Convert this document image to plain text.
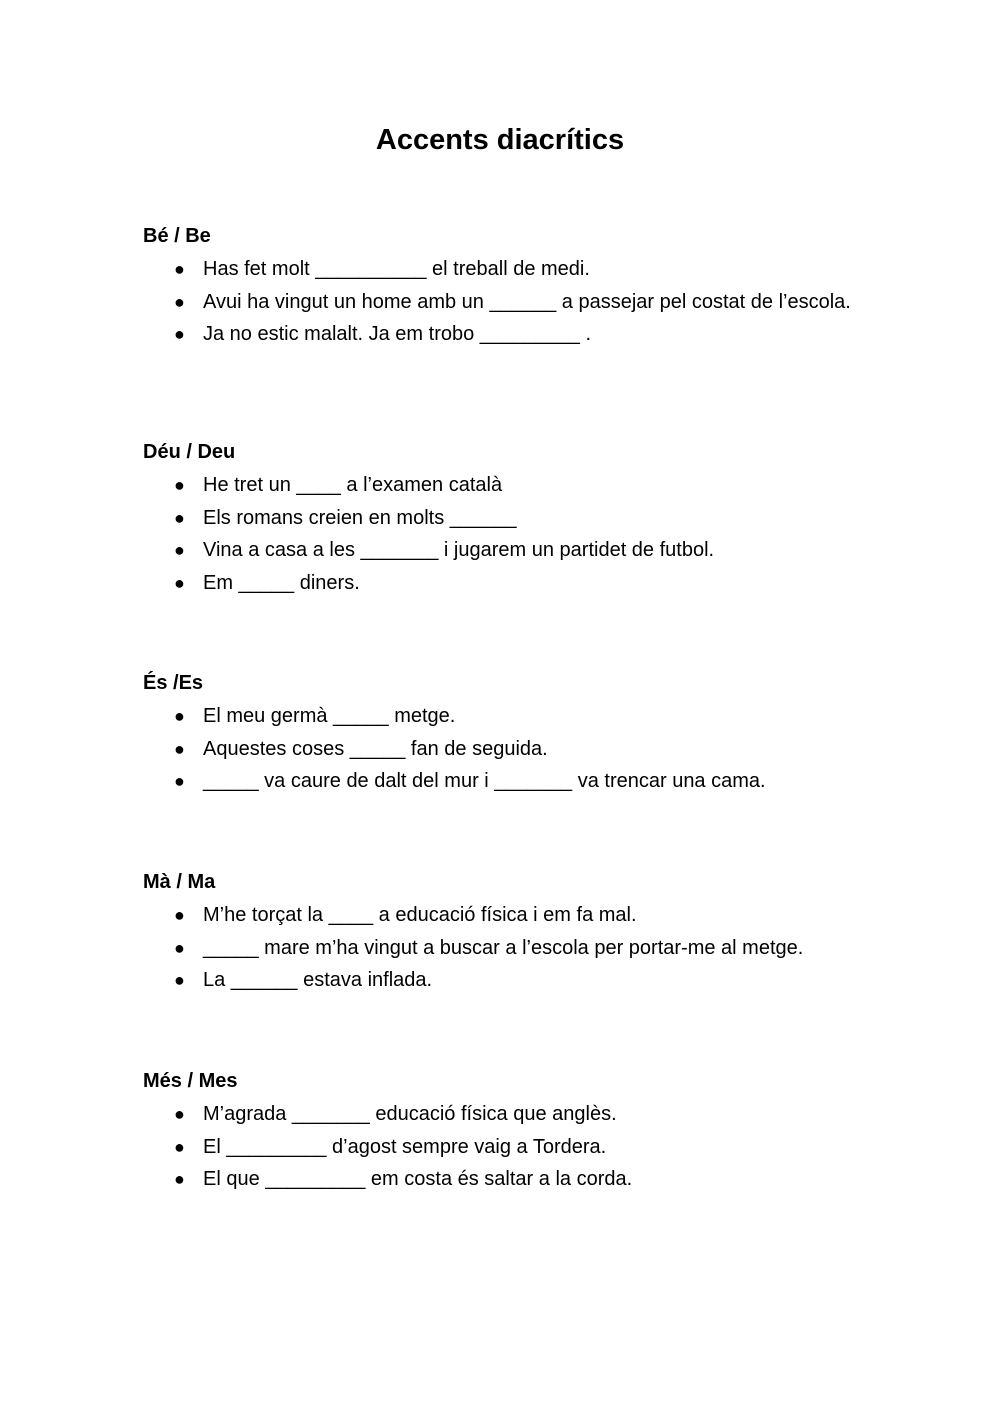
Accents diacrítics
Bé / Be
● Has fet molt __________ el treball de medi.
● Avui ha vingut un home amb un ______ a passejar pel costat de l’escola.
● Ja no estic malalt. Ja em trobo _________ .
Déu / Deu
● He tret un ____ a l’examen català
● Els romans creien en molts ______
● Vina a casa a les _______ i jugarem un partidet de futbol.
● Em _____ diners.
És /Es
● El meu germà _____ metge.
● Aquestes coses _____ fan de seguida.
● _____ va caure de dalt del mur i _______ va trencar una cama.
Mà / Ma
● M’he torçat la ____ a educació física i em fa mal.
● _____ mare m’ha vingut a buscar a l’escola per portar-me al metge.
● La ______ estava inflada.
Més / Mes
● M’agrada _______ educació física que anglès.
● El _________ d’agost sempre vaig a Tordera.
● El que _________ em costa és saltar a la corda.
